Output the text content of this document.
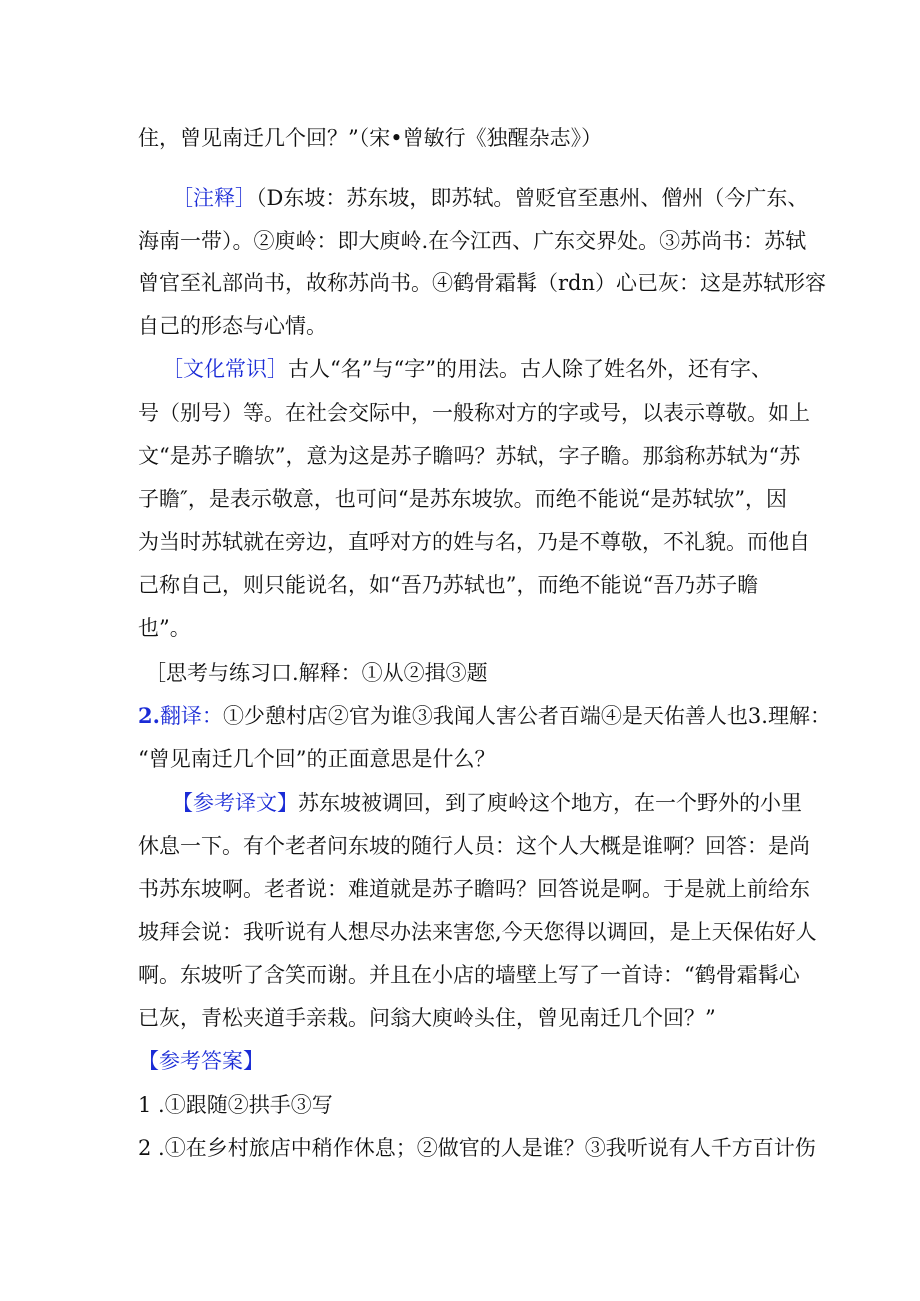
住，曾见南迁几个回？”（宋•曾敏行《独醒杂志》）
［注释］（D东坡：苏东坡，即苏轼。曾贬官至惠州、僧州（今广东、
海南一带）。②庾岭：即大庾岭.在今江西、广东交界处。③苏尚书：苏轼
曾官至礼部尚书，故称苏尚书。④鹤骨霜髯（rdn）心已灰：这是苏轼形容
自己的形态与心情。
［文化常识］古人“名”与“字”的用法。古人除了姓名外，还有字、
号（别号）等。在社会交际中，一般称对方的字或号，以表示尊敬。如上
文“是苏子瞻欤”，意为这是苏子瞻吗？苏轼，字子瞻。那翁称苏轼为“苏
子瞻″，是表示敬意，也可问“是苏东坡欤。而绝不能说“是苏轼欤”，因
为当时苏轼就在旁边，直呼对方的姓与名，乃是不尊敬，不礼貌。而他自
己称自己，则只能说名，如“吾乃苏轼也”，而绝不能说“吾乃苏子瞻
也”。
［思考与练习口.解释：①从②揖③题
2.翻译：①少憩村店②官为谁③我闻人害公者百端④是天佑善人也3.理解：
“曾见南迁几个回”的正面意思是什么？
【参考译文】苏东坡被调回，到了庾岭这个地方，在一个野外的小里
休息一下。有个老者问东坡的随行人员：这个人大概是谁啊？回答：是尚
书苏东坡啊。老者说：难道就是苏子瞻吗？回答说是啊。于是就上前给东
坡拜会说：我听说有人想尽办法来害您,今天您得以调回，是上天保佑好人
啊。东坡听了含笑而谢。并且在小店的墙壁上写了一首诗：“鹤骨霜髯心
已灰，青松夹道手亲栽。问翁大庾岭头住，曾见南迁几个回？”
【参考答案】
1 .①跟随②拱手③写
2 .①在乡村旅店中稍作休息；②做官的人是谁？③我听说有人千方百计伤
